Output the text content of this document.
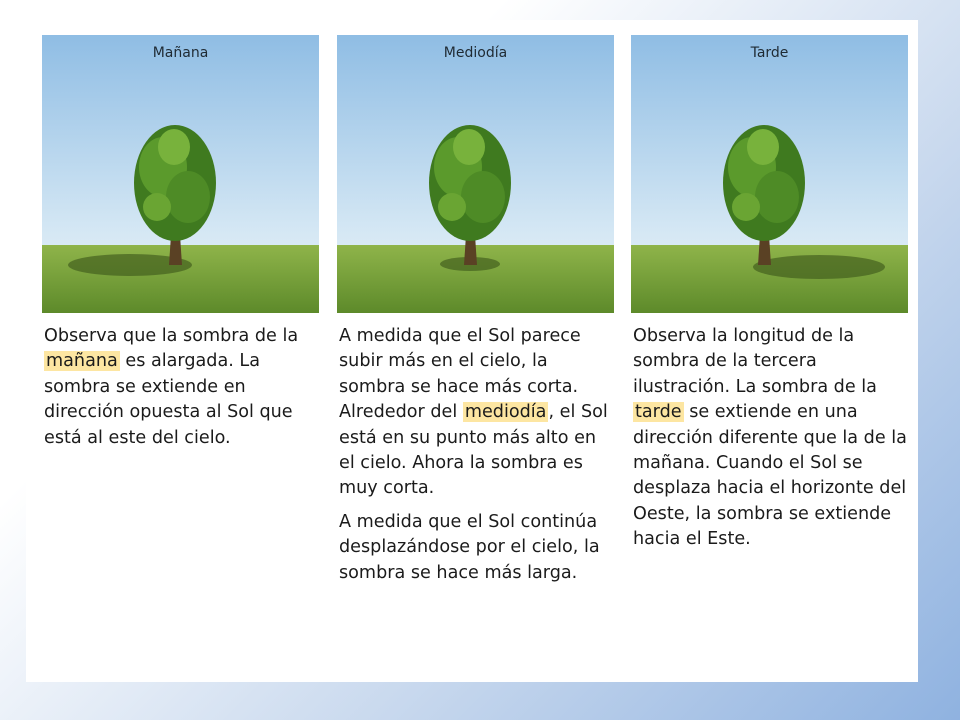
Mañana

Observa que la sombra de la mañana es alargada. La sombra se extiende en dirección opuesta al Sol que está al este del cielo.

Mediodía

A medida que el Sol parece subir más en el cielo, la sombra se hace más corta. Alrededor del mediodía , el Sol está en su punto más alto en el cielo. Ahora la sombra es muy corta.

A medida que el Sol continúa desplazándose por el cielo, la sombra se hace más larga.

Tarde

Observa la longitud de la sombra de la tercera ilustración. La sombra de la tarde se extiende en una dirección diferente que la de la mañana. Cuando el Sol se desplaza hacia el horizonte del Oeste, la sombra se extiende hacia el Este.
